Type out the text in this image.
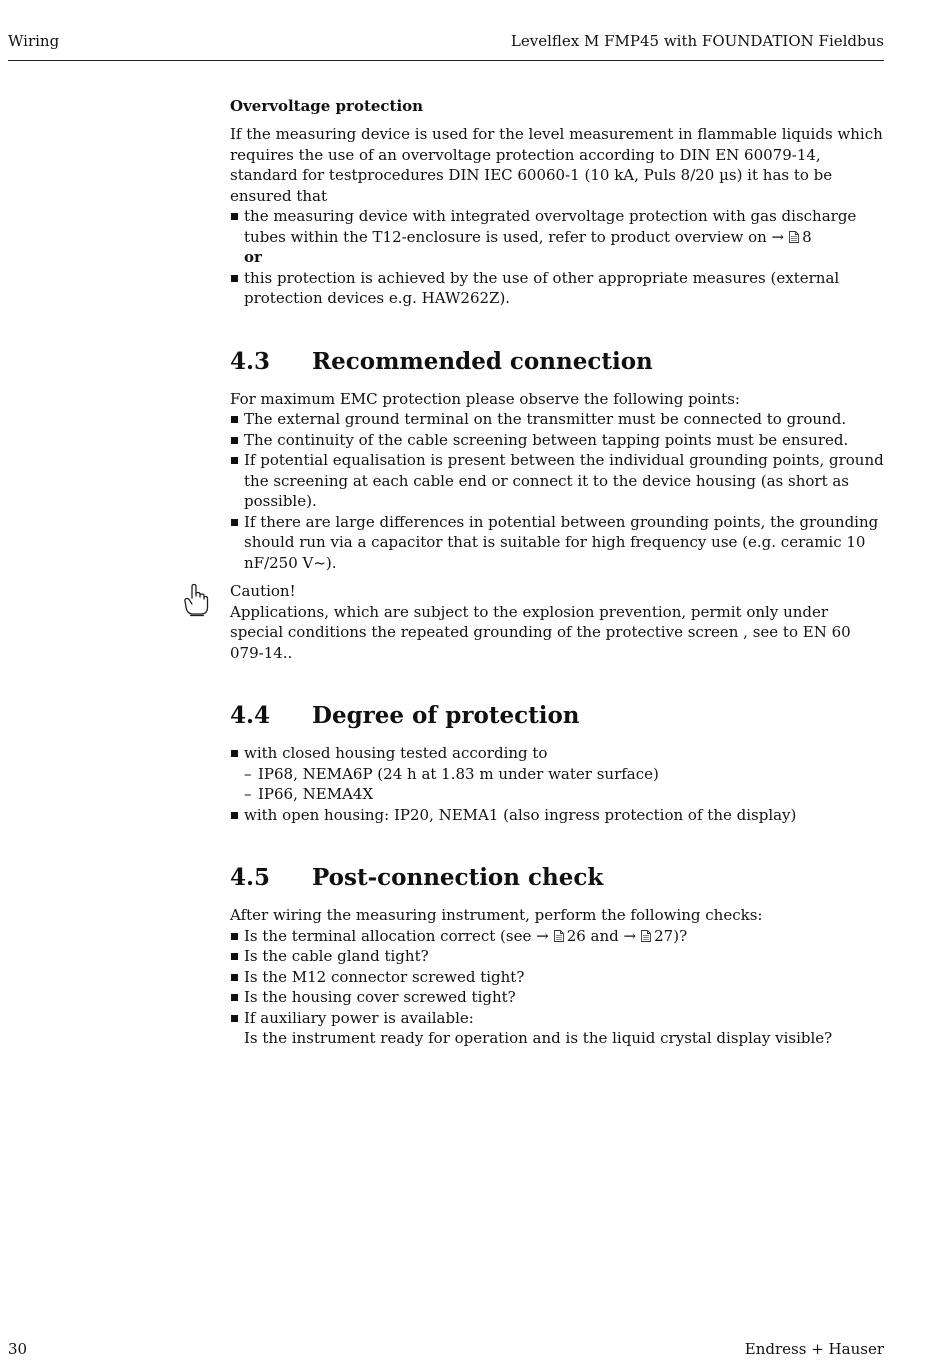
Wiring	Levelflex M FMP45 with FOUNDATION Fieldbus

Overvoltage protection

If the measuring device is used for the level measurement in flammable liquids which requires the use of an overvoltage protection according to DIN EN 60079-14, standard for testprocedures DIN IEC 60060-1 (10 kA, Puls 8/20 µs) it has to be ensured that

the measuring device with integrated overvoltage protection with gas discharge tubes within the T12-enclosure is used, refer to product overview on → 8
or
this protection is achieved by the use of other appropriate measures (external protection devices e.g. HAW262Z).
4.3	Recommended connection

For maximum EMC protection please observe the following points:

The external ground terminal on the transmitter must be connected to ground.
The continuity of the cable screening between tapping points must be ensured.
If potential equalisation is present between the individual grounding points, ground the screening at each cable end or connect it to the device housing (as short as possible).
If there are large differences in potential between grounding points, the grounding should run via a capacitor that is suitable for high frequency use (e.g. ceramic 10 nF/250 V~).

Caution!

Applications, which are subject to the explosion prevention, permit only under special conditions the repeated grounding of the protective screen , see to EN 60 079-14..

4.4	Degree of protection
with closed housing tested according to
– IP68, NEMA6P (24 h at 1.83 m under water surface)
– IP66, NEMA4X
with open housing: IP20, NEMA1 (also ingress protection of the display)
4.5	Post-connection check

After wiring the measuring instrument, perform the following checks:

Is the terminal allocation correct (see → 26 and → 27)?
Is the cable gland tight?
Is the M12 connector screwed tight?
Is the housing cover screwed tight?
If auxiliary power is available:
Is the instrument ready for operation and is the liquid crystal display visible?
30	Endress + Hauser
